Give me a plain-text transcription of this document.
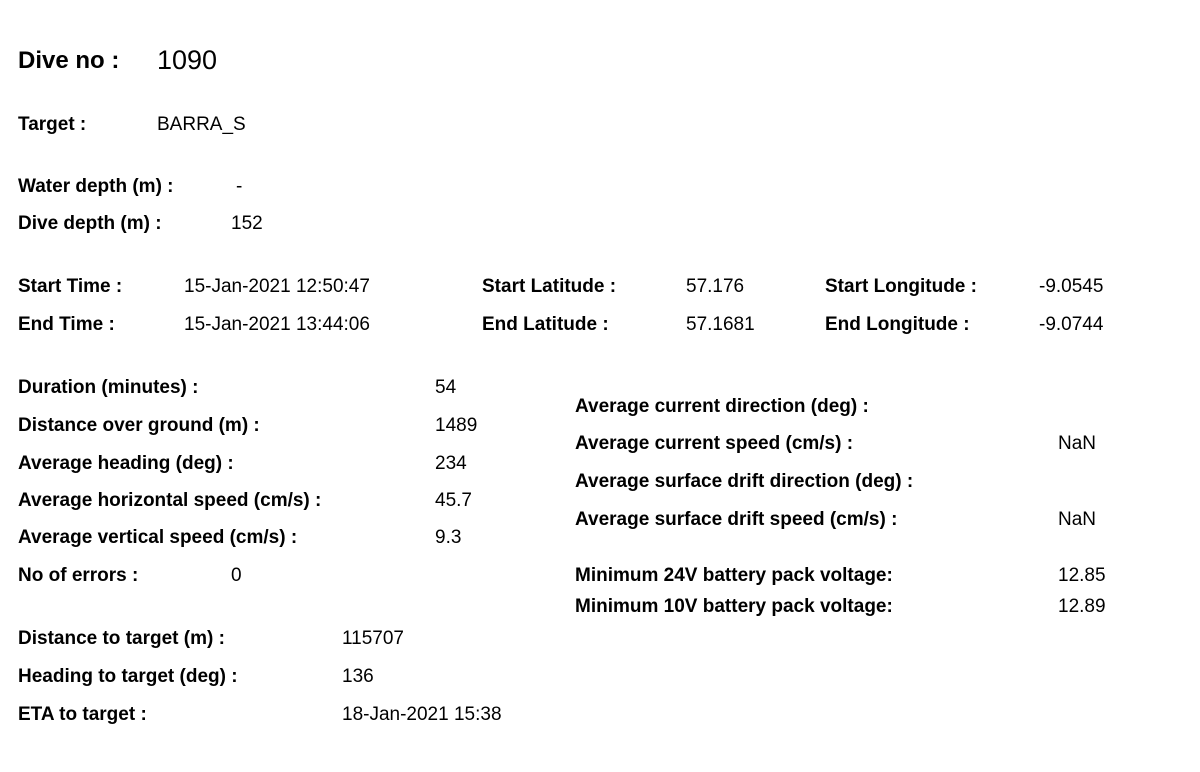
Dive no : 1090
Target :	BARRA_S
Water depth (m) :	-
Dive depth (m) :	152
Start Time :	15-Jan-2021 12:50:47
End Time :	15-Jan-2021 13:44:06
Start Latitude :	57.176
End Latitude :	57.1681
Start Longitude :	-9.0545
End Longitude :	-9.0744
Duration (minutes) :	54
Distance over ground (m) :	1489
Average heading (deg) :	234
Average horizontal speed (cm/s) :	45.7
Average vertical speed (cm/s) :	9.3
No of errors :	0
Average current direction (deg) :
Average current speed (cm/s) :	NaN
Average surface drift direction (deg) :
Average surface drift speed (cm/s) :	NaN
Minimum 24V battery pack voltage:	12.85
Minimum 10V battery pack voltage:	12.89
Distance to target (m) :	115707
Heading to target (deg) :	136
ETA to target :	18-Jan-2021 15:38
